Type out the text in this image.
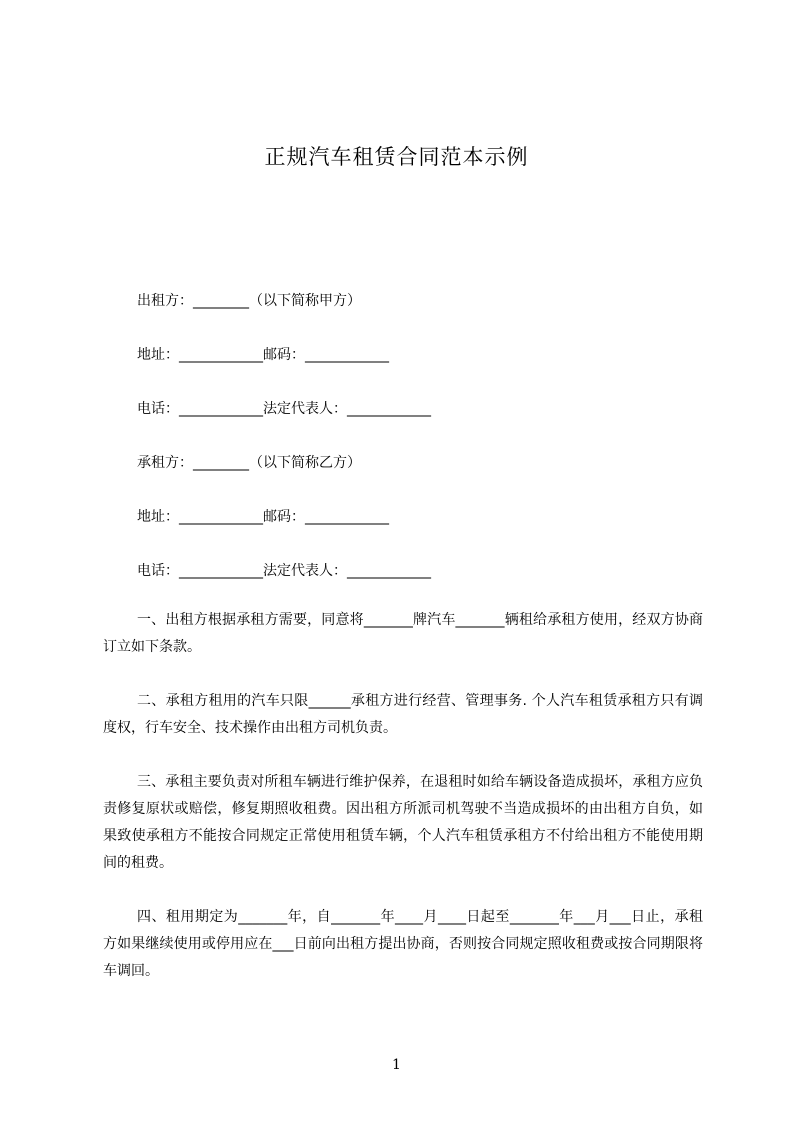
正规汽车租赁合同范本示例
出租方：________（以下简称甲方）
地址：____________邮码：____________
电话：____________法定代表人：____________
承租方：________（以下简称乙方）
地址：____________邮码：____________
电话：____________法定代表人：____________
一、出租方根据承租方需要，同意将_______牌汽车_______辆租给承租方使用，经双方协商订立如下条款。
二、承租方租用的汽车只限______承租方进行经营、管理事务. 个人汽车租赁承租方只有调度权，行车安全、技术操作由出租方司机负责。
三、承租主要负责对所租车辆进行维护保养，在退租时如给车辆设备造成损坏，承租方应负责修复原状或赔偿，修复期照收租费。因出租方所派司机驾驶不当造成损坏的由出租方自负，如果致使承租方不能按合同规定正常使用租赁车辆，个人汽车租赁承租方不付给出租方不能使用期间的租费。
四、租用期定为_______年，自_______年____月____日起至_______年___月___日止，承租方如果继续使用或停用应在___日前向出租方提出协商，否则按合同规定照收租费或按合同期限将车调回。
1
